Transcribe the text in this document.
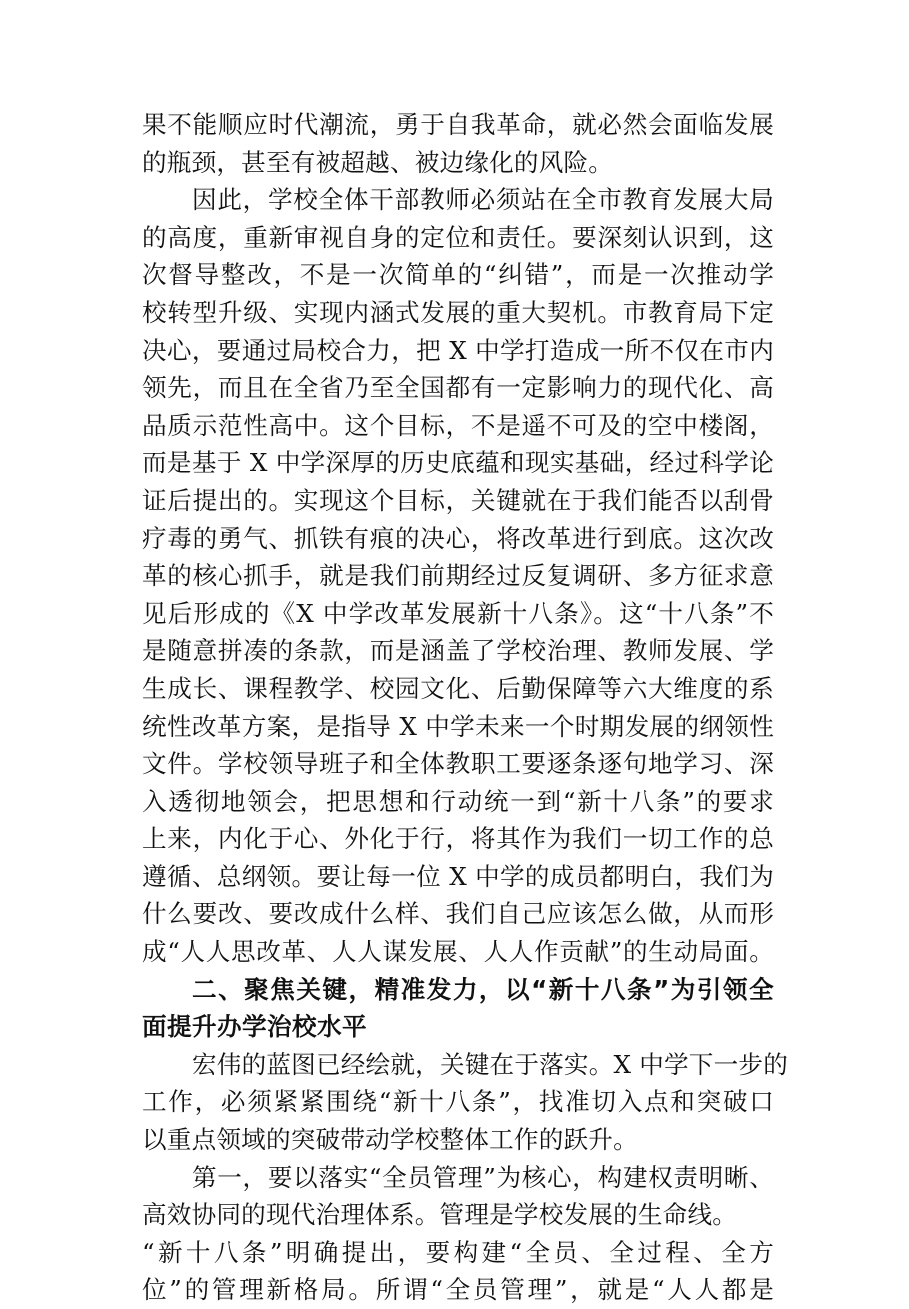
果不能顺应时代潮流，勇于自我革命，就必然会面临发展
的瓶颈，甚至有被超越、被边缘化的风险。
因此，学校全体干部教师必须站在全市教育发展大局
的高度，重新审视自身的定位和责任。要深刻认识到，这
次督导整改，不是一次简单的“纠错”，而是一次推动学
校转型升级、实现内涵式发展的重大契机。市教育局下定
决心，要通过局校合力，把 X 中学打造成一所不仅在市内
领先，而且在全省乃至全国都有一定影响力的现代化、高
品质示范性高中。这个目标，不是遥不可及的空中楼阁，
而是基于 X 中学深厚的历史底蕴和现实基础，经过科学论
证后提出的。实现这个目标，关键就在于我们能否以刮骨
疗毒的勇气、抓铁有痕的决心，将改革进行到底。这次改
革的核心抓手，就是我们前期经过反复调研、多方征求意
见后形成的《X 中学改革发展新十八条》。这“十八条”不
是随意拼凑的条款，而是涵盖了学校治理、教师发展、学
生成长、课程教学、校园文化、后勤保障等六大维度的系
统性改革方案，是指导 X 中学未来一个时期发展的纲领性
文件。学校领导班子和全体教职工要逐条逐句地学习、深
入透彻地领会，把思想和行动统一到“新十八条”的要求
上来，内化于心、外化于行，将其作为我们一切工作的总
遵循、总纲领。要让每一位 X 中学的成员都明白，我们为
什么要改、要改成什么样、我们自己应该怎么做，从而形
成“人人思改革、人人谋发展、人人作贡献”的生动局面。
二、聚焦关键，精准发力，以“新十八条”为引领全
面提升办学治校水平
宏伟的蓝图已经绘就，关键在于落实。X 中学下一步的
工作，必须紧紧围绕“新十八条”，找准切入点和突破口
以重点领域的突破带动学校整体工作的跃升。
第一，要以落实“全员管理”为核心，构建权责明晰、
高效协同的现代治理体系。管理是学校发展的生命线。
“新十八条”明确提出，要构建“全员、全过程、全方
位”的管理新格局。所谓“全员管理”，就是“人人都是
